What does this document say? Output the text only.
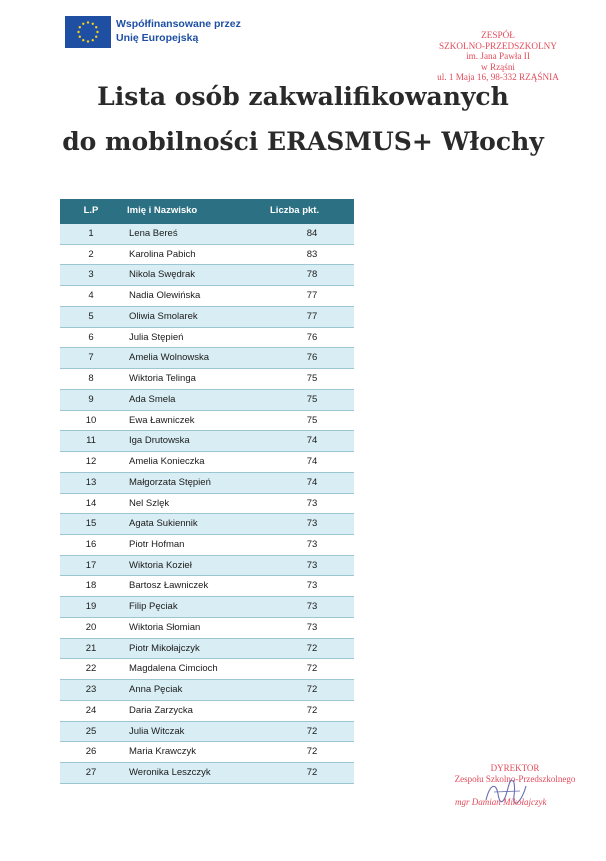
Współfinansowane przez
Unię Europejską	ZESPÓŁ
SZKOLNO-PRZEDSZKOLNY
im. Jana Pawła II
w Rząśni
ul. 1 Maja 16, 98-332 RZĄŚNIA
Lista osób zakwalifikowanych
do mobilności ERASMUS+ Włochy
L.P	Imię i Nazwisko	Liczba pkt.
1	Lena Bereś	84
2	Karolina Pabich	83
3	Nikola Swędrak	78
4	Nadia Olewińska	77
5	Oliwia Smolarek	77
6	Julia Stępień	76
7	Amelia Wolnowska	76
8	Wiktoria Telinga	75
9	Ada Smela	75
10	Ewa Ławniczek	75
11	Iga Drutowska	74
12	Amelia Konieczka	74
13	Małgorzata Stępień	74
14	Nel Szlęk	73
15	Agata Sukiennik	73
16	Piotr Hofman	73
17	Wiktoria Kozieł	73
18	Bartosz Ławniczek	73
19	Filip Pęciak	73
20	Wiktoria Słomian	73
21	Piotr Mikołajczyk	72
22	Magdalena Cimcioch	72
23	Anna Pęciak	72
24	Daria Zarzycka	72
25	Julia Witczak	72
26	Maria Krawczyk	72
27	Weronika Leszczyk	72	DYREKTOR
Zespołu Szkolno-Przedszkolnego
mgr Damian Mikołajczyk
